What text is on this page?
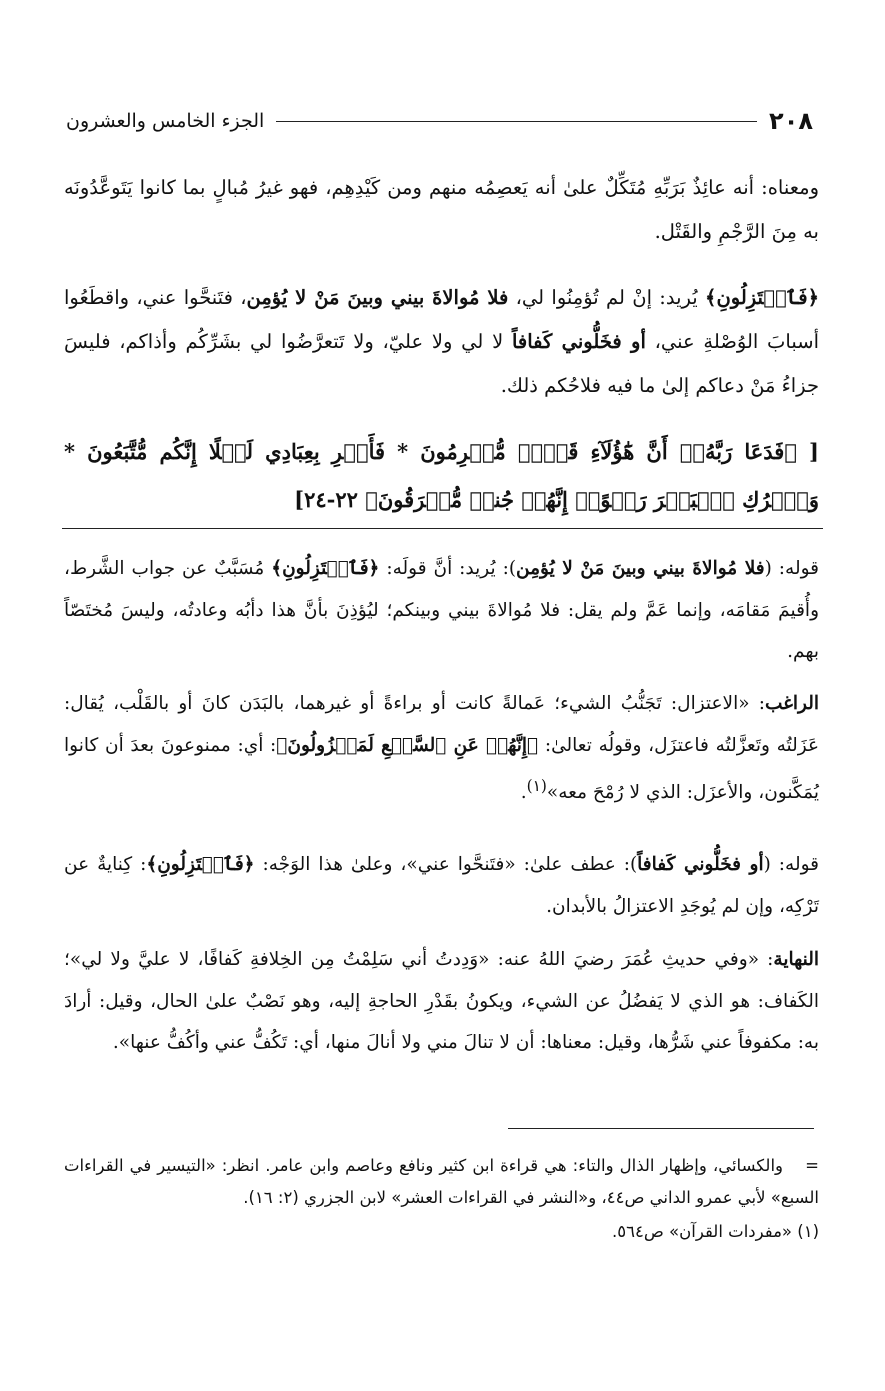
٢٠٨
الجزء الخامس والعشرون

ومعناه: أنه عائِذٌ بَرَبِّهِ مُتَكِّلٌ علىٰ أنه يَعصِمُه منهم ومن كَيْدِهِم، فهو غيرُ مُبالٍ بما كانوا يَتَوعَّدُونَه به مِنَ الرَّجْمِ والقَتْل.

﴿فَٱعۡتَزِلُونِ﴾ يُريد: إنْ لم تُؤمِنُوا لي، فلا مُوالاةَ بيني وبينَ مَنْ لا يُؤمِن، فتَنحَّوا عني، واقطَعُوا أسبابَ الوُصْلةِ عني، أو فخَلُّوني كَفافاً لا لي ولا عليّ، ولا تَتعرَّضُوا لي بشَرِّكُم وأذاكم، فليسَ جزاءُ مَنْ دعاكم إلىٰ ما فيه فلاحُكم ذلك.

[ ﴿فَدَعَا رَبَّهُۥٓ أَنَّ هَٰٓؤُلَآءِ قَوۡمٞ مُّجۡرِمُونَ * فَأَسۡرِ بِعِبَادِي لَيۡلًا إِنَّكُم مُّتَّبَعُونَ * وَٱتۡرُكِ ٱلۡبَحۡرَ رَهۡوًاۖ إِنَّهُمۡ جُندٞ مُّغۡرَقُونَ﴾ ٢٢-٢٤]

قوله: (فلا مُوالاةَ بيني وبينَ مَنْ لا يُؤمِن): يُريد: أنَّ قولَه: ﴿فَٱعۡتَزِلُونِ﴾ مُسَبَّبٌ عن جواب الشَّرط، وأُقيمَ مَقامَه، وإنما عَمَّ ولم يقل: فلا مُوالاةَ بيني وبينكم؛ ليُؤذِنَ بأنَّ هذا دأبُه وعادتُه، وليسَ مُختَصّاً بهم.

الراغب: «الاعتزال: تَجَنُّبُ الشيء؛ عَمالةً كانت أو براءةً أو غيرهما، بالبَدَن كانَ أو بالقَلْب، يُقال: عَزَلتُه وتَعزَّلتُه فاعتزَل، وقولُه تعالىٰ: ﴿إِنَّهُمۡ عَنِ ٱلسَّمۡعِ لَمَعۡزُولُونَ﴾: أي: ممنوعونَ بعدَ أن كانوا يُمَكَّنون، والأعزَل: الذي لا رُمْحَ معه»$^{(١)}$.

قوله: (أو فخَلُّوني كَفافاً): عطف علىٰ: «فتَنحَّوا عني»، وعلىٰ هذا الوَجْه: ﴿فَٱعۡتَزِلُونِ﴾: كِنايةٌ عن تَرْكِه، وإن لم يُوجَدِ الاعتزالُ بالأبدان.

النهاية: «وفي حديثِ عُمَرَ رضيَ اللهُ عنه: «وَدِدتُ أني سَلِمْتُ مِن الخِلافةِ كَفافًا، لا عليَّ ولا لي»؛ الكَفاف: هو الذي لا يَفضُلُ عن الشيء، ويكونُ بقَدْرِ الحاجةِ إليه، وهو نَصْبٌ علىٰ الحال، وقيل: أرادَ به: مكفوفاً عني شَرُّها، وقيل: معناها: أن لا تنالَ مني ولا أنالَ منها، أي: تَكُفُّ عني وأكُفُّ عنها».

=والكسائي، وإظهار الذال والتاء: هي قراءة ابن كثير ونافع وعاصم وابن عامر. انظر: «التيسير في القراءات السبع» لأبي عمرو الداني ص٤٤، و«النشر في القراءات العشر» لابن الجزري (٢: ١٦).

(١) «مفردات القرآن» ص٥٦٤.
